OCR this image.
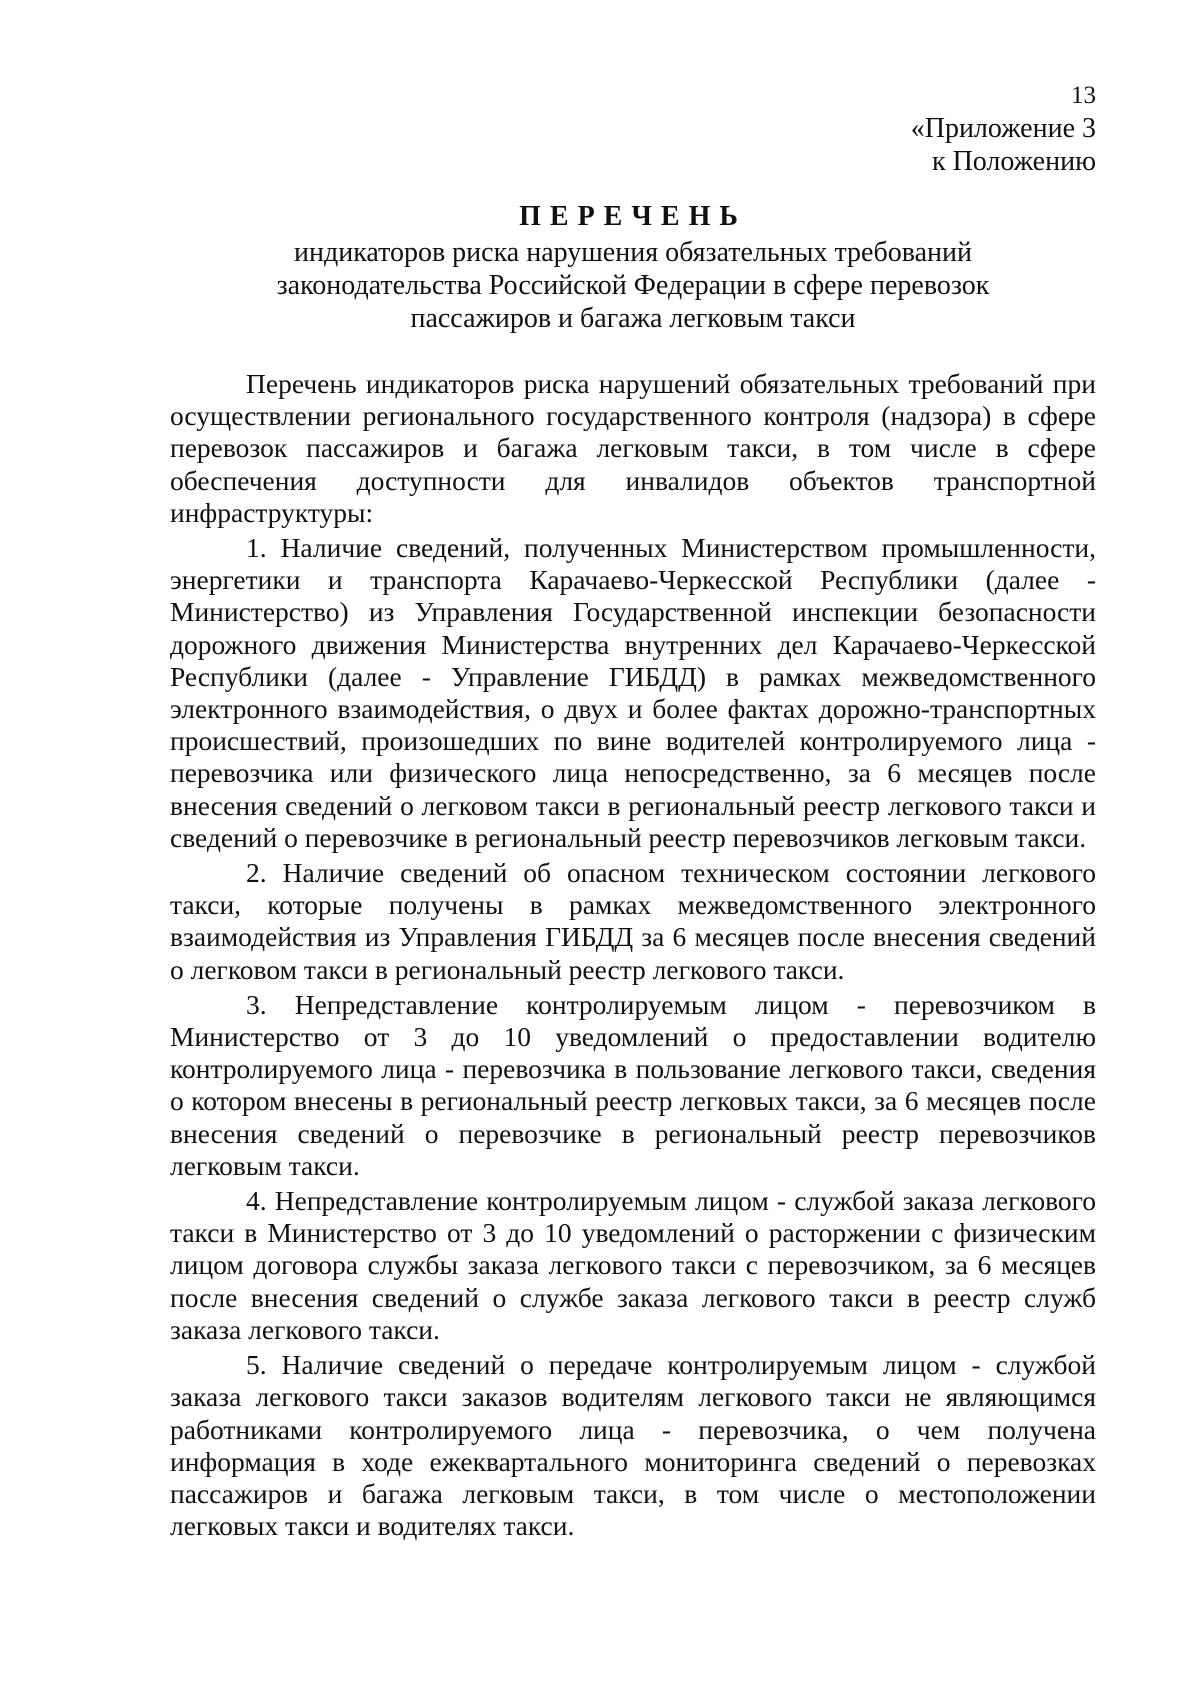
13
«Приложение 3
к Положению
ПЕРЕЧЕНЬ
индикаторов риска нарушения обязательных требований
законодательства Российской Федерации в сфере перевозок
пассажиров и багажа легковым такси

Перечень индикаторов риска нарушений обязательных требований при осуществлении регионального государственного контроля (надзора) в сфере перевозок пассажиров и багажа легковым такси, в том числе в сфере обеспечения доступности для инвалидов объектов транспортной инфраструктуры:

1. Наличие сведений, полученных Министерством промышленности, энергетики и транспорта Карачаево-Черкесской Республики (далее - Министерство) из Управления Государственной инспекции безопасности дорожного движения Министерства внутренних дел Карачаево-Черкесской Республики (далее - Управление ГИБДД) в рамках межведомственного электронного взаимодействия, о двух и более фактах дорожно-транспортных происшествий, произошедших по вине водителей контролируемого лица - перевозчика или физического лица непосредственно, за 6 месяцев после внесения сведений о легковом такси в региональный реестр легкового такси и сведений о перевозчике в региональный реестр перевозчиков легковым такси.

2. Наличие сведений об опасном техническом состоянии легкового такси, которые получены в рамках межведомственного электронного взаимодействия из Управления ГИБДД за 6 месяцев после внесения сведений о легковом такси в региональный реестр легкового такси.

3. Непредставление контролируемым лицом - перевозчиком в Министерство от 3 до 10 уведомлений о предоставлении водителю контролируемого лица - перевозчика в пользование легкового такси, сведения о котором внесены в региональный реестр легковых такси, за 6 месяцев после внесения сведений о перевозчике в региональный реестр перевозчиков легковым такси.

4. Непредставление контролируемым лицом - службой заказа легкового такси в Министерство от 3 до 10 уведомлений о расторжении с физическим лицом договора службы заказа легкового такси с перевозчиком, за 6 месяцев после внесения сведений о службе заказа легкового такси в реестр служб заказа легкового такси.

5. Наличие сведений о передаче контролируемым лицом - службой заказа легкового такси заказов водителям легкового такси не являющимся работниками контролируемого лица - перевозчика, о чем получена информация в ходе ежеквартального мониторинга сведений о перевозках пассажиров и багажа легковым такси, в том числе о местоположении легковых такси и водителях такси.
